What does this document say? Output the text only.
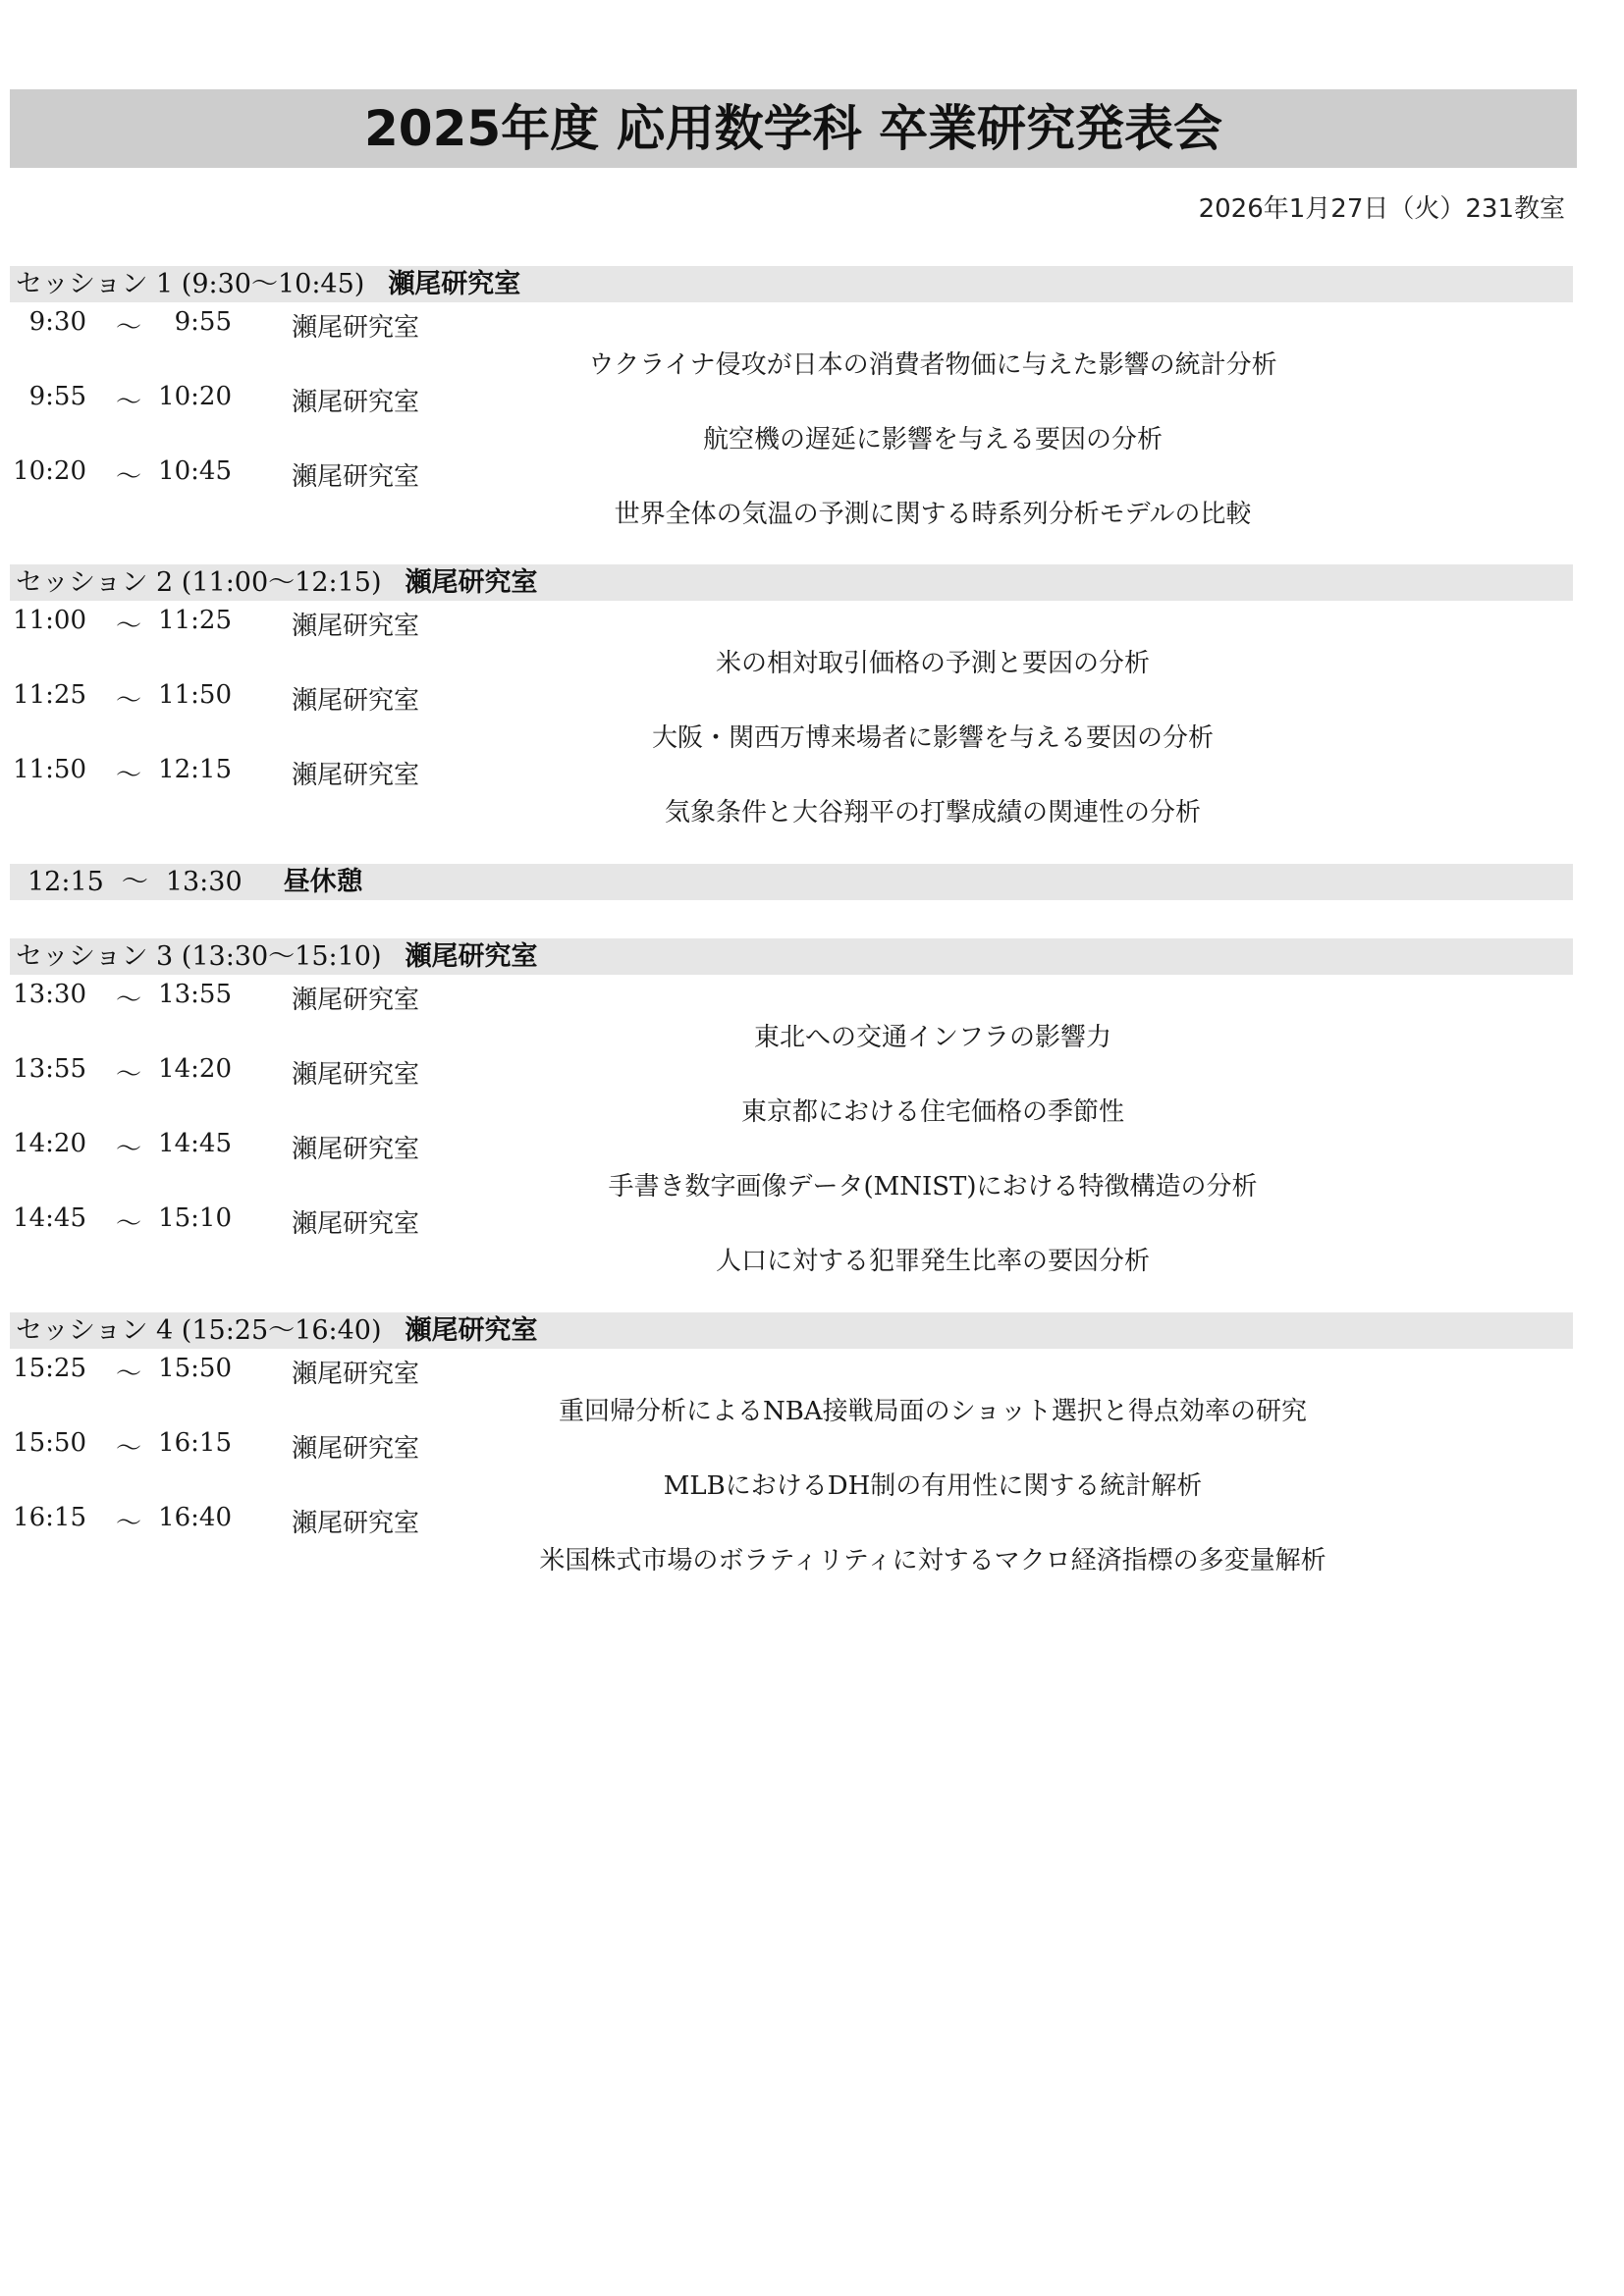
2025年度 応用数学科 卒業研究発表会
2026年1月27日（火）231教室
セッション 1 (9:30〜10:45) 瀬尾研究室
9:30 〜 9:55 瀬尾研究室
ウクライナ侵攻が日本の消費者物価に与えた影響の統計分析
9:55 〜 10:20 瀬尾研究室
航空機の遅延に影響を与える要因の分析
10:20 〜 10:45 瀬尾研究室
世界全体の気温の予測に関する時系列分析モデルの比較
セッション 2 (11:00〜12:15) 瀬尾研究室
11:00 〜 11:25 瀬尾研究室
米の相対取引価格の予測と要因の分析
11:25 〜 11:50 瀬尾研究室
大阪・関西万博来場者に影響を与える要因の分析
11:50 〜 12:15 瀬尾研究室
気象条件と大谷翔平の打撃成績の関連性の分析
12:15 〜 13:30 昼休憩
セッション 3 (13:30〜15:10) 瀬尾研究室
13:30 〜 13:55 瀬尾研究室
東北への交通インフラの影響力
13:55 〜 14:20 瀬尾研究室
東京都における住宅価格の季節性
14:20 〜 14:45 瀬尾研究室
手書き数字画像データ(MNIST)における特徴構造の分析
14:45 〜 15:10 瀬尾研究室
人口に対する犯罪発生比率の要因分析
セッション 4 (15:25〜16:40) 瀬尾研究室
15:25 〜 15:50 瀬尾研究室
重回帰分析によるNBA接戦局面のショット選択と得点効率の研究
15:50 〜 16:15 瀬尾研究室
MLBにおけるDH制の有用性に関する統計解析
16:15 〜 16:40 瀬尾研究室
米国株式市場のボラティリティに対するマクロ経済指標の多変量解析
